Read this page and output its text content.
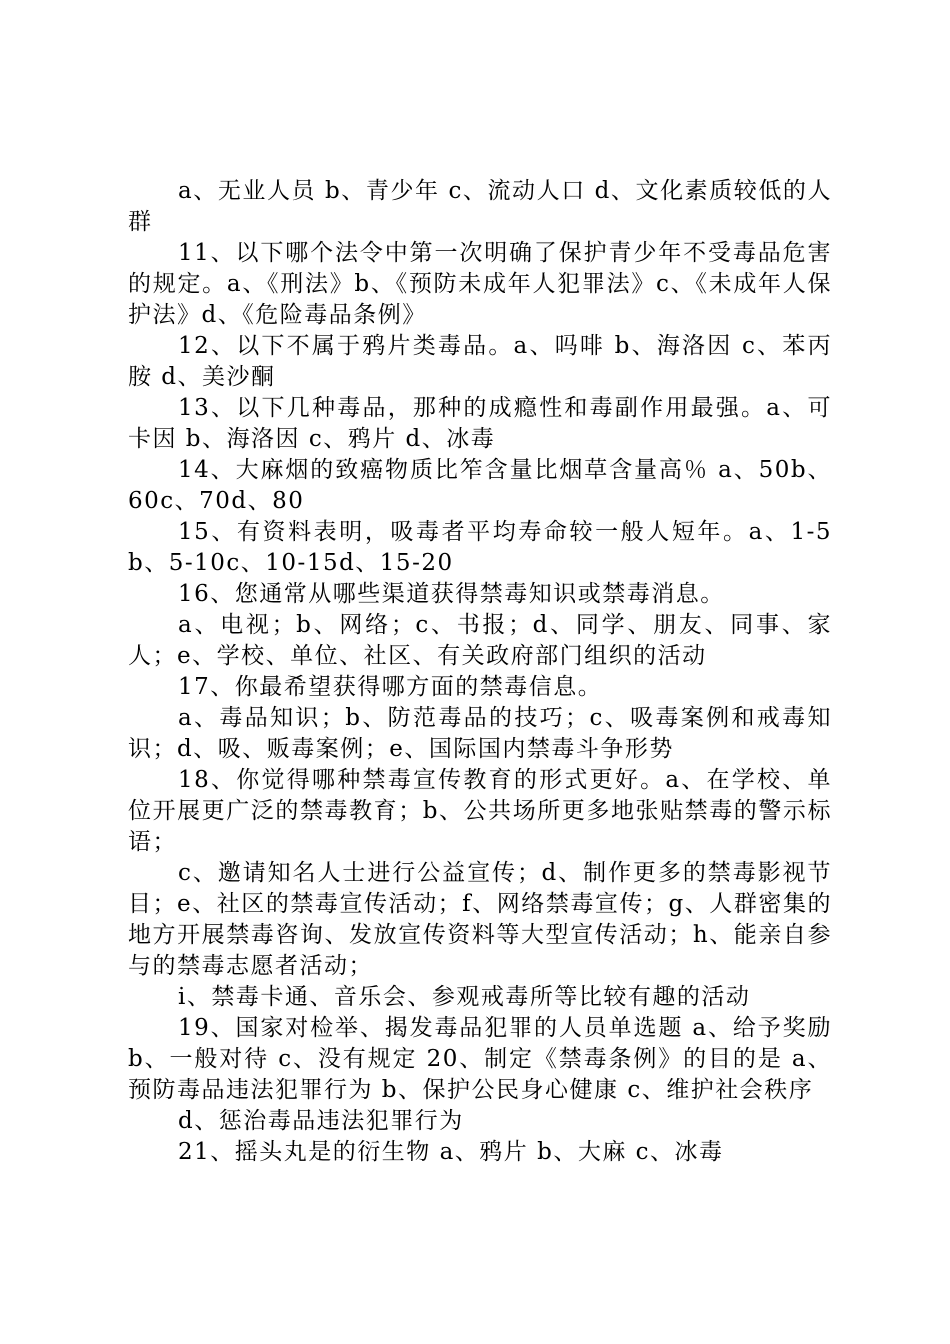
a、无业人员 b、青少年 c、流动人口 d、文化素质较低的人群

11、以下哪个法令中第一次明确了保护青少年不受毒品危害的规定。a、《刑法》b、《预防未成年人犯罪法》c、《未成年人保护法》d、《危险毒品条例》

12、以下不属于鸦片类毒品。a、吗啡 b、海洛因 c、苯丙胺 d、美沙酮

13、以下几种毒品，那种的成瘾性和毒副作用最强。a、可卡因 b、海洛因 c、鸦片 d、冰毒

14、大麻烟的致癌物质比笮含量比烟草含量高％ a、50b、60c、70d、80

15、有资料表明，吸毒者平均寿命较一般人短年。a、1-5b、5-10c、10-15d、15-20

16、您通常从哪些渠道获得禁毒知识或禁毒消息。

a、电视；b、网络；c、书报；d、同学、朋友、同事、家人；e、学校、单位、社区、有关政府部门组织的活动

17、你最希望获得哪方面的禁毒信息。

a、毒品知识；b、防范毒品的技巧；c、吸毒案例和戒毒知识；d、吸、贩毒案例；e、国际国内禁毒斗争形势

18、你觉得哪种禁毒宣传教育的形式更好。a、在学校、单位开展更广泛的禁毒教育；b、公共场所更多地张贴禁毒的警示标语；

c、邀请知名人士进行公益宣传；d、制作更多的禁毒影视节目；e、社区的禁毒宣传活动；f、网络禁毒宣传；g、人群密集的地方开展禁毒咨询、发放宣传资料等大型宣传活动；h、能亲自参与的禁毒志愿者活动；

i、禁毒卡通、音乐会、参观戒毒所等比较有趣的活动

19、国家对检举、揭发毒品犯罪的人员单选题 a、给予奖励 b、一般对待 c、没有规定 20、制定《禁毒条例》的目的是 a、预防毒品违法犯罪行为 b、保护公民身心健康 c、维护社会秩序

d、惩治毒品违法犯罪行为

21、摇头丸是的衍生物 a、鸦片 b、大麻 c、冰毒
